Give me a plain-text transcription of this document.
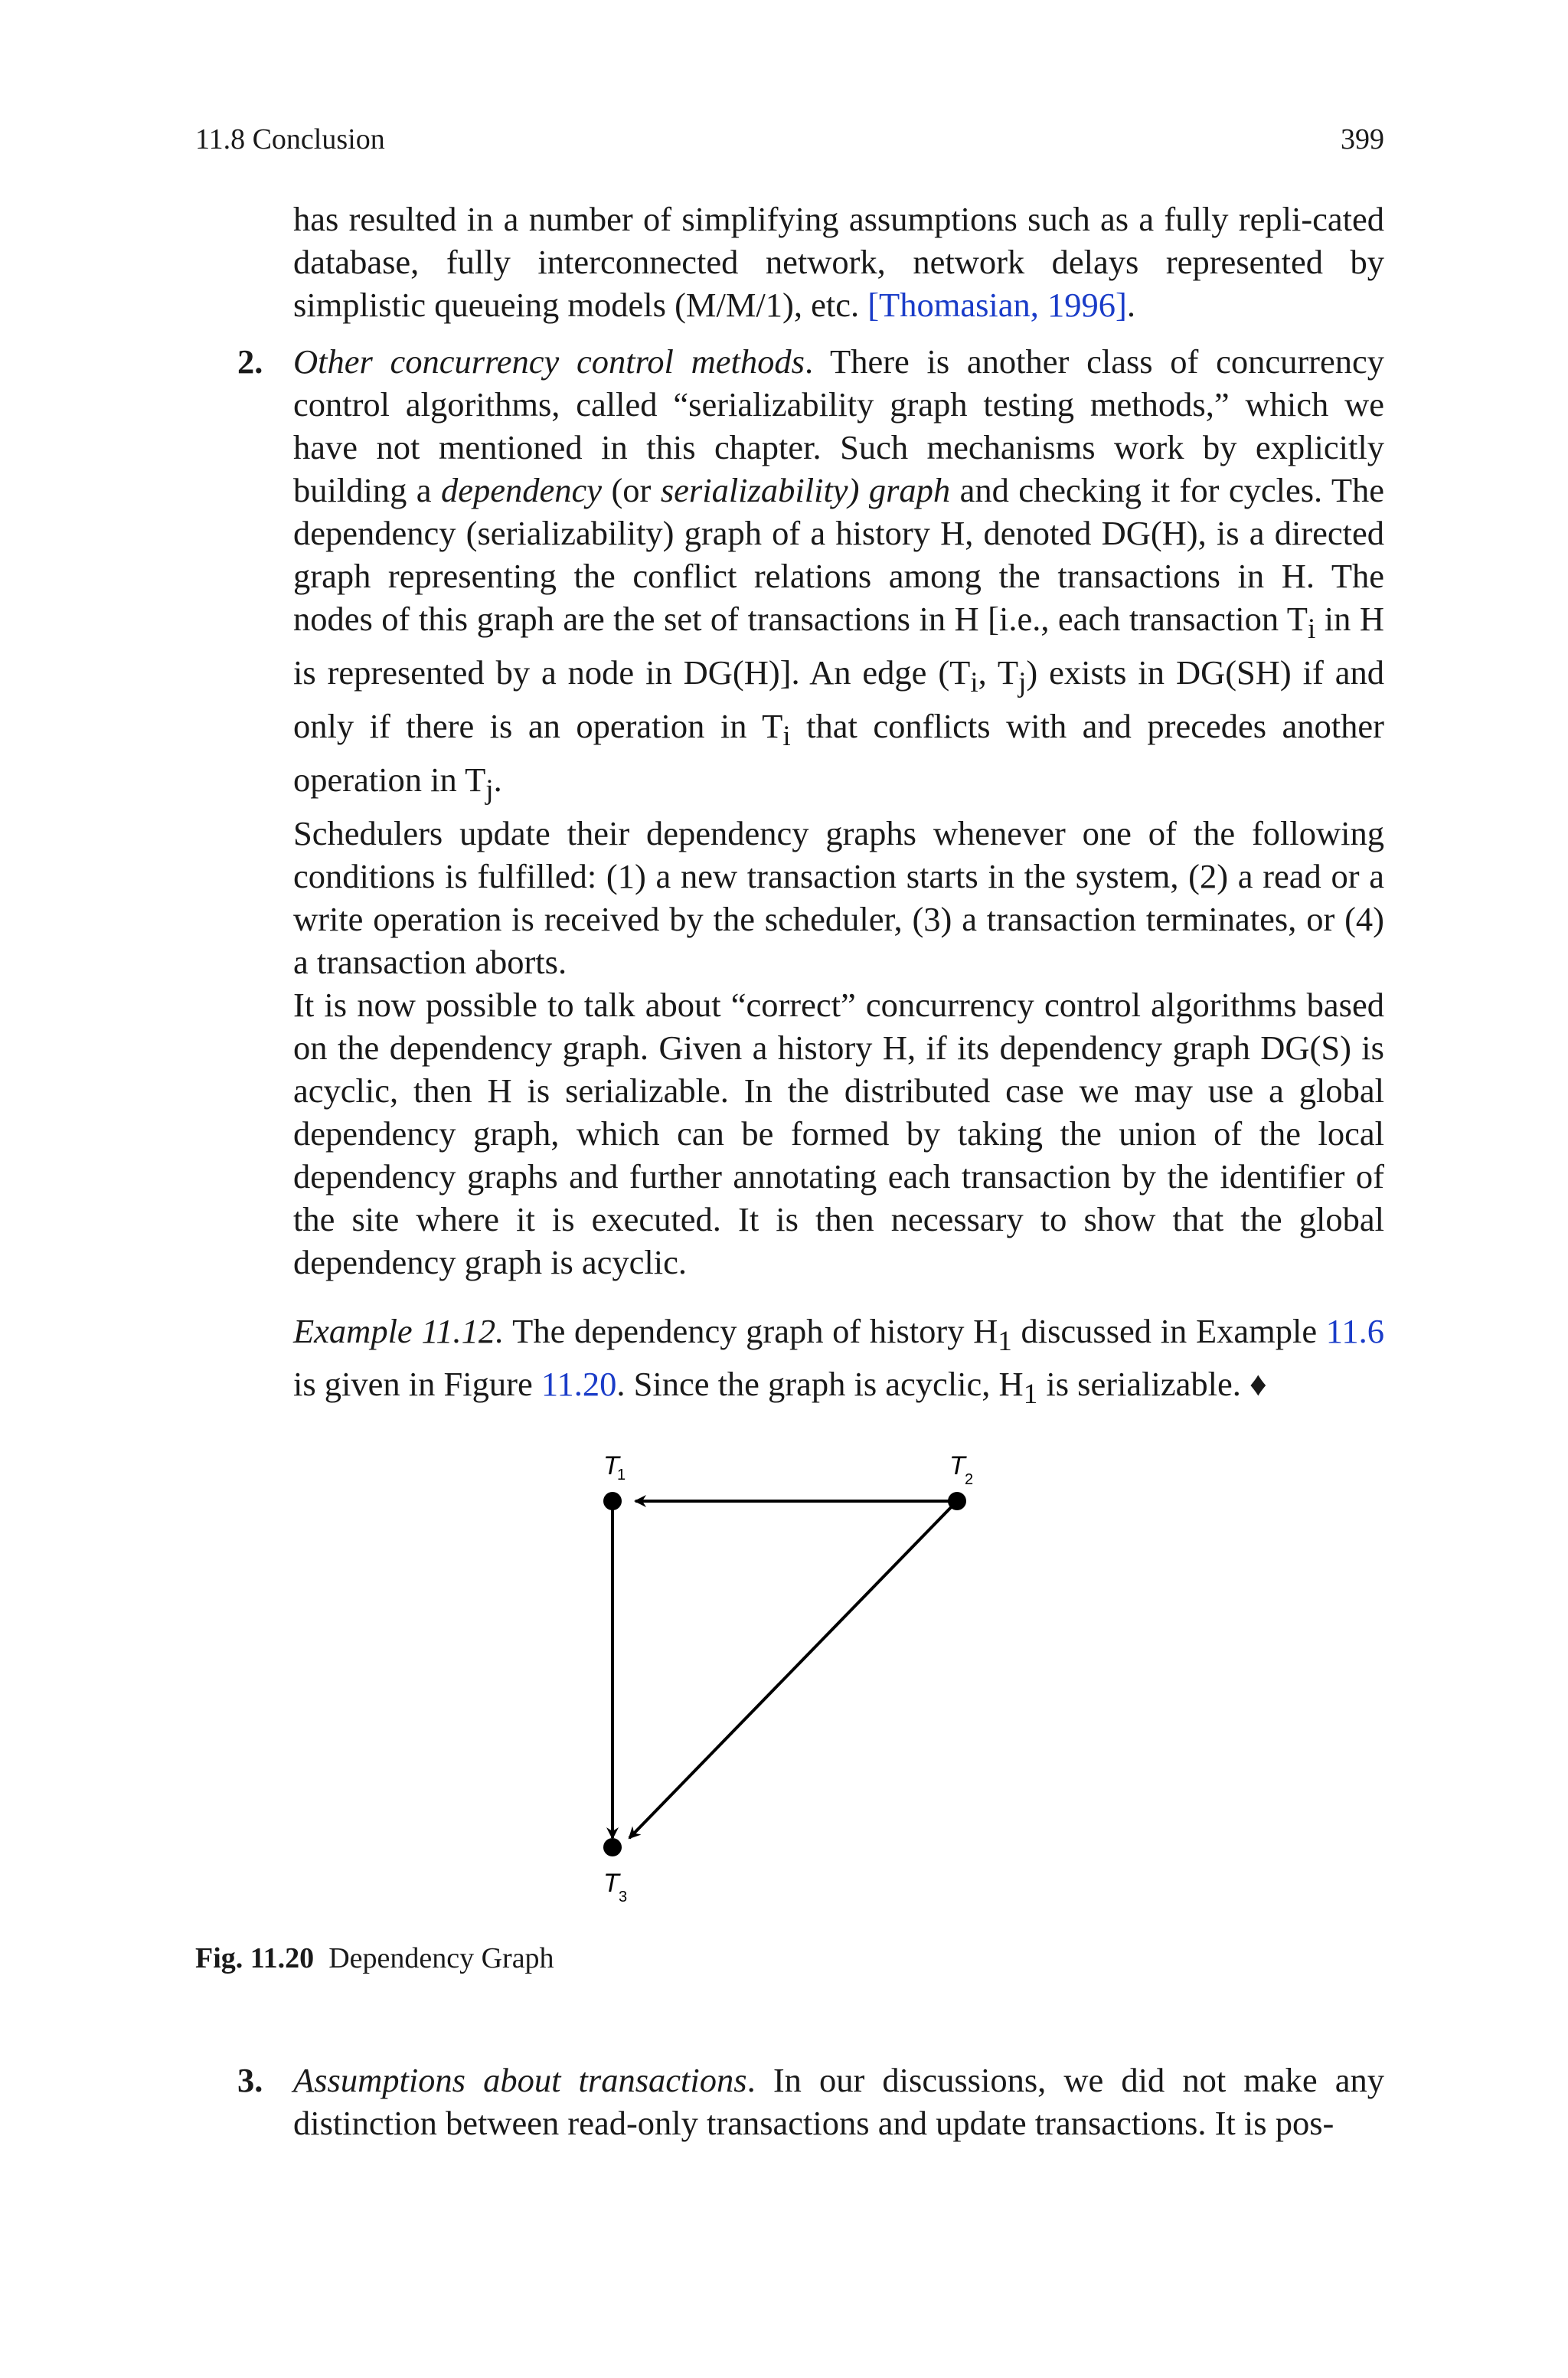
11.8 Conclusion	399

has resulted in a number of simplifying assumptions such as a fully repli-cated database, fully interconnected network, network delays represented by simplistic queueing models (M/M/1), etc. [Thomasian, 1996].

2. Other concurrency control methods. There is another class of concurrency control algorithms, called “serializability graph testing methods,” which we have not mentioned in this chapter. Such mechanisms work by explicitly building a dependency (or serializability) graph and checking it for cycles. The dependency (serializability) graph of a history H, denoted DG(H), is a directed graph representing the conflict relations among the transactions in H. The nodes of this graph are the set of transactions in H [i.e., each transaction $T_i$ in H is represented by a node in DG(H)]. An edge ($T_i$, $T_j$) exists in DG(SH) if and only if there is an operation in $T_i$ that conflicts with and precedes another operation in $T_j$.

Schedulers update their dependency graphs whenever one of the following conditions is fulfilled: (1) a new transaction starts in the system, (2) a read or a write operation is received by the scheduler, (3) a transaction terminates, or (4) a transaction aborts.

It is now possible to talk about “correct” concurrency control algorithms based on the dependency graph. Given a history H, if its dependency graph DG(S) is acyclic, then H is serializable. In the distributed case we may use a global dependency graph, which can be formed by taking the union of the local dependency graphs and further annotating each transaction by the identifier of the site where it is executed. It is then necessary to show that the global dependency graph is acyclic.

Example 11.12. The dependency graph of history $H_1$ discussed in Example 11.6 is given in Figure 11.20. Since the graph is acyclic, $H_1$ is serializable. ♦

T
1	T 2
T 3
Fig. 11.20 Dependency Graph
3. Assumptions about transactions. In our discussions, we did not make any distinction between read-only transactions and update transactions. It is pos-
